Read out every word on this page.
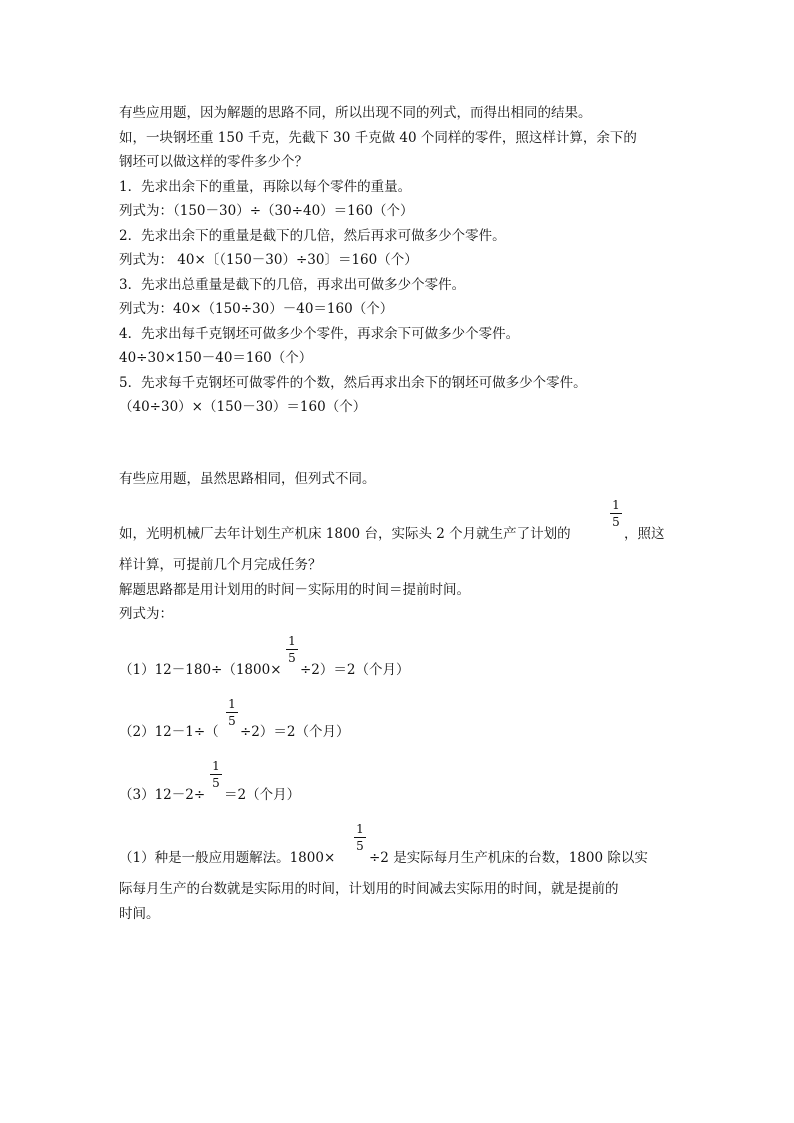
有些应用题，因为解题的思路不同，所以出现不同的列式，而得出相同的结果。
如，一块钢坯重 150 千克，先截下 30 千克做 40 个同样的零件，照这样计算，余下的
钢坯可以做这样的零件多少个？
1．先求出余下的重量，再除以每个零件的重量。
列式为：（150－30）÷（30÷40）＝160（个）
2．先求出余下的重量是截下的几倍，然后再求可做多少个零件。
列式为： 40×〔（150－30）÷30〕＝160（个）
3．先求出总重量是截下的几倍，再求出可做多少个零件。
列式为：40×（150÷30）－40＝160（个）
4．先求出每千克钢坯可做多少个零件，再求余下可做多少个零件。
40÷30×150－40＝160（个）
5．先求每千克钢坯可做零件的个数，然后再求出余下的钢坯可做多少个零件。
（40÷30）×（150－30）＝160（个）
有些应用题，虽然思路相同，但列式不同。
如，光明机械厂去年计划生产机床 1800 台，实际头 2 个月就生产了计划的
$\frac{1}{5}$
，照这
样计算，可提前几个月完成任务？
解题思路都是用计划用的时间－实际用的时间＝提前时间。
列式为：
（1）12－180÷（1800×
$\frac{1}{5}$
÷2）＝2（个月）
（2）12－1÷（
$\frac{1}{5}$
÷2）＝2（个月）
（3）12－2÷
$\frac{1}{5}$
＝2（个月）
（1）种是一般应用题解法。1800×
$\frac{1}{5}$
÷2 是实际每月生产机床的台数，1800 除以实
际每月生产的台数就是实际用的时间，计划用的时间减去实际用的时间，就是提前的
时间。
